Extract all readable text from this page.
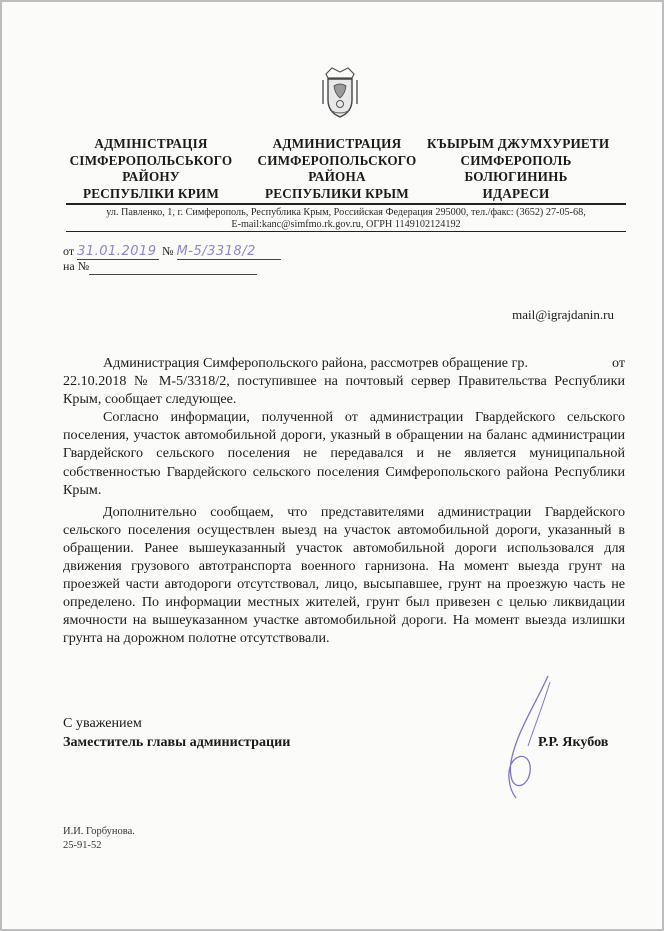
АДМІНІСТРАЦІЯ
СІМФЕРОПОЛЬСЬКОГО
РАЙОНУ
РЕСПУБЛІКИ КРИМ
АДМИНИСТРАЦИЯ
СИМФЕРОПОЛЬСКОГО
РАЙОНА
РЕСПУБЛИКИ КРЫМ
КЪЫРЫМ ДЖУМХУРИЕТИ
СИМФЕРОПОЛЬ
БОЛЮГИНИНЬ
ИДАРЕСИ
ул. Павленко, 1, г. Симферополь, Республика Крым, Российская Федерация 295000, тел./факс: (3652) 27-05-68,
E-mail:kanc@simfmo.rk.gov.ru, ОГРН 1149102124192
от 31.01.2019 № М-5/3318/2
на №
mail@igrajdanin.ru

Администрация Симферопольского района, рассмотрев обращение гр.	от 22.10.2018 № М-5/3318/2, поступившее на почтовый сервер Правительства Республики Крым, сообщает следующее.

Согласно информации, полученной от администрации Гвардейского сельского поселения, участок автомобильной дороги, указный в обращении на баланс администрации Гвардейского сельского поселения не передавался и не является муниципальной собственностью Гвардейского сельского поселения Симферопольского района Республики Крым.

Дополнительно сообщаем, что представителями администрации Гвардейского сельского поселения осуществлен выезд на участок автомобильной дороги, указанный в обращении. Ранее вышеуказанный участок автомобильной дороги использовался для движения грузового автотранспорта военного гарнизона. На момент выезда грунт на проезжей части автодороги отсутствовал, лицо, высыпавшее, грунт на проезжую часть не определено. По информации местных жителей, грунт был привезен с целью ликвидации ямочности на вышеуказанном участке автомобильной дороги. На момент выезда излишки грунта на дорожном полотне отсутствовали.

С уважением
Заместитель главы администрации	Р.Р. Якубов
И.И. Горбунова.
25-91-52
